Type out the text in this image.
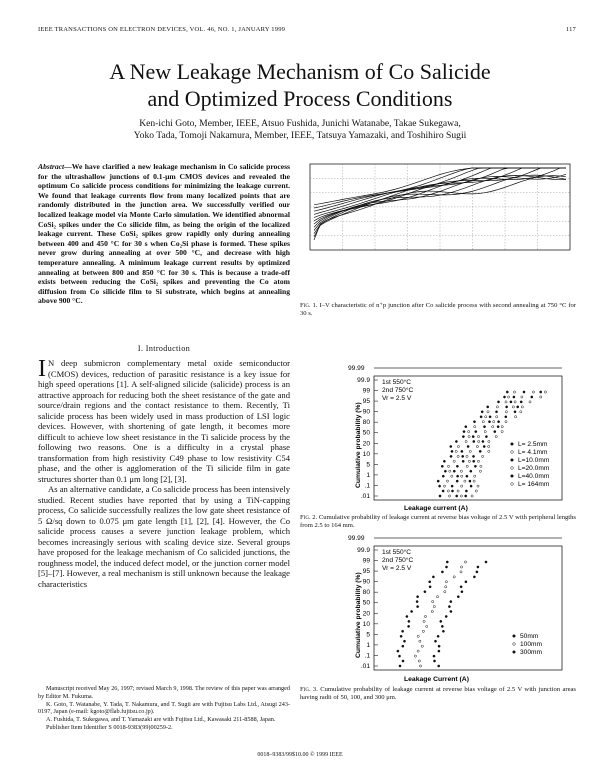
IEEE TRANSACTIONS ON ELECTRON DEVICES, VOL. 46, NO. 1, JANUARY 1999	117
A New Leakage Mechanism of Co Salicide
and Optimized Process Conditions
Ken-ichi Goto, Member, IEEE, Atsuo Fushida, Junichi Watanabe, Takae Sukegawa,
Yoko Tada, Tomoji Nakamura, Member, IEEE, Tatsuya Yamazaki, and Toshihiro Sugii
Abstract—We have clarified a new leakage mechanism in Co salicide process for the ultrashallow junctions of 0.1-μm CMOS devices and revealed the optimum Co salicide process conditions for minimizing the leakage current. We found that leakage currents flow from many localized points that are randomly distributed in the junction area. We successfully verified our localized leakage model via Monte Carlo simulation. We identified abnormal CoSi₂ spikes under the Co silicide film, as being the origin of the localized leakage current. These CoSi₂ spikes grow rapidly only during annealing between 400 and 450 °C for 30 s when Co₂Si phase is formed. These spikes never grow during annealing at over 500 °C, and decrease with high temperature annealing. A minimum leakage current results by optimized annealing at between 800 and 850 °C for 30 s. This is because a trade-off exists between reducing the CoSi₂ spikes and preventing the Co atom diffusion from Co silicide film to Si substrate, which begins at annealing above 900 °C.
I. Introduction

I N deep submicron complementary metal oxide semiconductor (CMOS) devices, reduction of parasitic resistance is a key issue for high speed operations [1]. A self-aligned silicide (salicide) process is an attractive approach for reducing both the sheet resistance of the gate and source/drain regions and the contact resistance to them. Recently, Ti salicide process has been widely used in mass production of LSI logic devices. However, with shortening of gate length, it becomes more difficult to achieve low sheet resistance in the Ti salicide process by the following two reasons. One is a difficulty in a crystal phase transformation from high resistivity C49 phase to low resistivity C54 phase, and the other is agglomeration of the Ti silicide film in gate structures shorter than 0.1 μm long [2], [3].

As an alternative candidate, a Co salicide process has been intensively studied. Recent studies have reported that by using a TiN-capping process, Co salicide successfully realizes the low gate sheet resistance of 5 Ω/sq down to 0.075 μm gate length [1], [2], [4]. However, the Co salicide process causes a severe junction leakage problem, which becomes increasingly serious with scaling device size. Several groups have proposed for the leakage mechanism of Co salicided junctions, the roughness model, the induced defect model, or the junction corner model [5]–[7]. However, a real mechanism is still unknown because the leakage characteristics

Manuscript received May 26, 1997; revised March 9, 1998. The review of this paper was arranged by Editor M. Fukuma.

K. Goto, T. Watanabe, Y. Tada, T. Nakamura, and T. Sugii are with Fujitsu Labs Ltd., Atsugi 243-0197, Japan (e-mail: kgoto@flab.fujitsu.co.jp).

A. Fushida, T. Sukegawa, and T. Yamazaki are with Fujitsu Ltd., Kawasaki 211-8588, Japan.

Publisher Item Identifier S 0018-9383(99)00259-2.

Fig. 1. I–V characteristic of n⁺p junction after Co salicide process with second annealing at 750 °C for 30 s.
99.99
99.9
99
95
90
80
50
20
10
5
1
.1
.01
Cumulative probability (%)
Leakage current (A)
1st 550°C
2nd 750°C
Vr = 2.5 V
L= 2.5mm
L= 4.1mm
L=10.0mm
L=20.0mm
L=40.0mm
L= 164mm
Fig. 2. Cumulative probability of leakage current at reverse bias voltage of 2.5 V with peripheral lengths from 2.5 to 164 mm.
99.99
99.9
99
95
90
80
50
20
10
5
1
.1
.01
Cumulative probability (%)
Leakage Current (A)
1st 550°C
2nd 750°C
Vr = 2.5 V
50mm
100mm
300mm
Fig. 3. Cumulative probability of leakage current at reverse bias voltage of 2.5 V with junction areas having radii of 50, 100, and 300 μm.
0018–9383/99$10.00 © 1999 IEEE
